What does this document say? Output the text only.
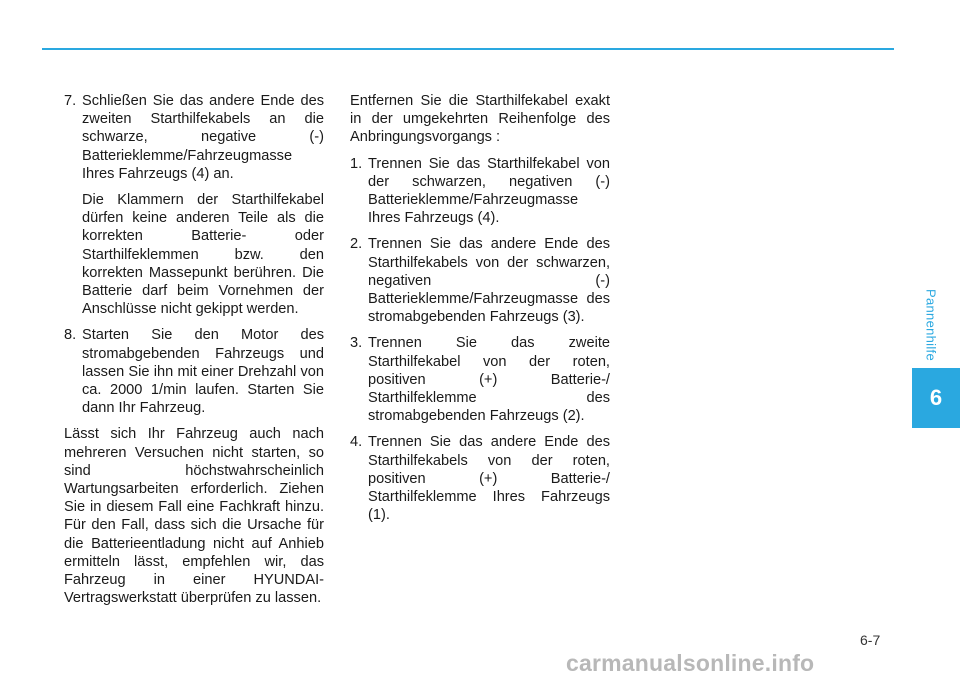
Pannenhilfe
6
7. Schließen Sie das andere Ende des zweiten Starthilfekabels an die schwarze, negative (-) Batterieklemme/Fahrzeugmasse Ihres Fahrzeugs (4) an.

Die Klammern der Starthilfekabel dürfen keine anderen Teile als die korrekten Batterie- oder Starthilfeklemmen bzw. den korrekten Massepunkt berühren. Die Batterie darf beim Vornehmen der Anschlüsse nicht gekippt werden.

8. Starten Sie den Motor des stromabgebenden Fahrzeugs und lassen Sie ihn mit einer Drehzahl von ca. 2000 1/min laufen. Starten Sie dann Ihr Fahrzeug.

Lässt sich Ihr Fahrzeug auch nach mehreren Versuchen nicht starten, so sind höchstwahrscheinlich Wartungsarbeiten erforderlich. Ziehen Sie in diesem Fall eine Fachkraft hinzu. Für den Fall, dass sich die Ursache für die Batterieentladung nicht auf Anhieb ermitteln lässt, empfehlen wir, das Fahrzeug in einer HYUNDAI-Vertragswerkstatt überprüfen zu lassen.

Entfernen Sie die Starthilfekabel exakt in der umgekehrten Reihenfolge des Anbringungsvorgangs :

1. Trennen Sie das Starthilfekabel von der schwarzen, negativen (-) Batterieklemme/Fahrzeugmasse Ihres Fahrzeugs (4).

2. Trennen Sie das andere Ende des Starthilfekabels von der schwarzen, negativen (-) Batterieklemme/Fahrzeugmasse des stromabgebenden Fahrzeugs (3).

3. Trennen Sie das zweite Starthilfekabel von der roten, positiven (+) Batterie-/ Starthilfeklemme des stromabgebenden Fahrzeugs (2).

4. Trennen Sie das andere Ende des Starthilfekabels von der roten, positiven (+) Batterie-/ Starthilfeklemme Ihres Fahrzeugs (1).

6-7
carmanualsonline.info
